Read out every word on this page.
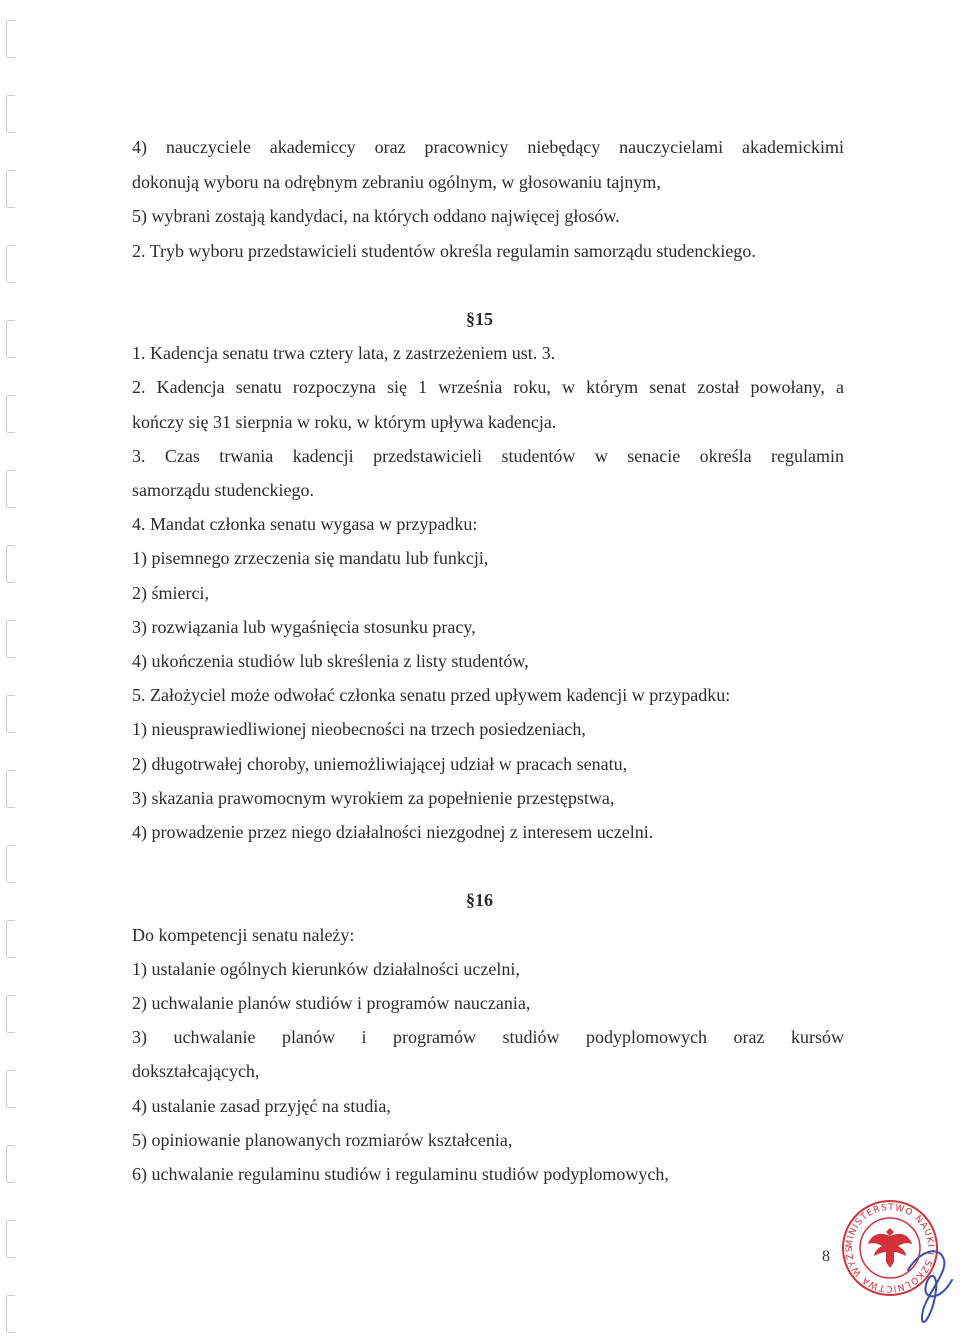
4) nauczyciele akademiccy oraz pracownicy niebędący nauczycielami akademickimi
dokonują wyboru na odrębnym zebraniu ogólnym, w głosowaniu tajnym,
5) wybrani zostają kandydaci, na których oddano najwięcej głosów.
2. Tryb wyboru przedstawicieli studentów określa regulamin samorządu studenckiego.
§15
1. Kadencja senatu trwa cztery lata, z zastrzeżeniem ust. 3.
2. Kadencja senatu rozpoczyna się 1 września roku, w którym senat został powołany, a
kończy się 31 sierpnia w roku, w którym upływa kadencja.
3. Czas trwania kadencji przedstawicieli studentów w senacie określa regulamin
samorządu studenckiego.
4. Mandat członka senatu wygasa w przypadku:
1) pisemnego zrzeczenia się mandatu lub funkcji,
2) śmierci,
3) rozwiązania lub wygaśnięcia stosunku pracy,
4) ukończenia studiów lub skreślenia z listy studentów,
5. Założyciel może odwołać członka senatu przed upływem kadencji w przypadku:
1) nieusprawiedliwionej nieobecności na trzech posiedzeniach,
2) długotrwałej choroby, uniemożliwiającej udział w pracach senatu,
3) skazania prawomocnym wyrokiem za popełnienie przestępstwa,
4) prowadzenie przez niego działalności niezgodnej z interesem uczelni.
§16
Do kompetencji senatu należy:
1) ustalanie ogólnych kierunków działalności uczelni,
2) uchwalanie planów studiów i programów nauczania,
3) uchwalanie planów i programów studiów podyplomowych oraz kursów
dokształcających,
4) ustalanie zasad przyjęć na studia,
5) opiniowanie planowanych rozmiarów kształcenia,
6) uchwalanie regulaminu studiów i regulaminu studiów podyplomowych,
8
MINISTERSTWO NAUKI I SZKOLNICTWA WYŻS
